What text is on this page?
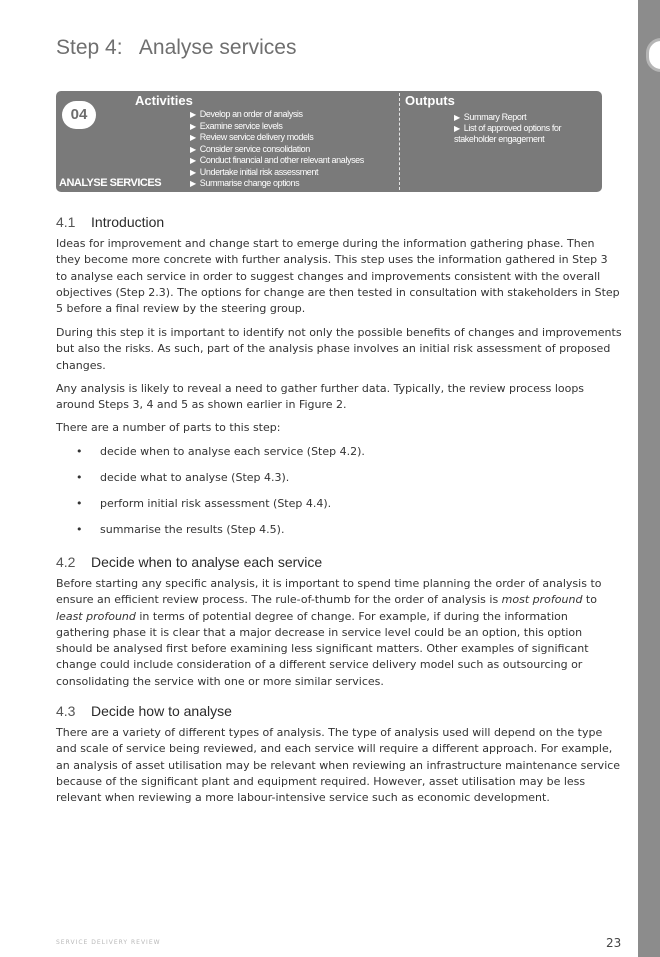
Step 4:   Analyse services
04
ANALYSE SERVICES
Activities	Outputs
▶ Develop an order of analysis
▶ Examine service levels
▶ Review service delivery models
▶ Consider service consolidation
▶ Conduct financial and other relevant analyses
▶ Undertake initial risk assessment
▶ Summarise change options
▶ Summary Report
▶ List of approved options for stakeholder engagement
4.1 Introduction

Ideas for improvement and change start to emerge during the information gathering phase. Then they become more concrete with further analysis. This step uses the information gathered in Step 3 to analyse each service in order to suggest changes and improvements consistent with the overall objectives (Step 2.3). The options for change are then tested in consultation with stakeholders in Step 5 before a final review by the steering group.

During this step it is important to identify not only the possible benefits of changes and improvements but also the risks. As such, part of the analysis phase involves an initial risk assessment of proposed changes.

Any analysis is likely to reveal a need to gather further data. Typically, the review process loops around Steps 3, 4 and 5 as shown earlier in Figure 2.

There are a number of parts to this step:

• decide when to analyse each service (Step 4.2).
• decide what to analyse (Step 4.3).
• perform initial risk assessment (Step 4.4).
• summarise the results (Step 4.5).
4.2 Decide when to analyse each service

Before starting any specific analysis, it is important to spend time planning the order of analysis to ensure an efficient review process. The rule-of-thumb for the order of analysis is most profound to least profound in terms of potential degree of change. For example, if during the information gathering phase it is clear that a major decrease in service level could be an option, this option should be analysed first before examining less significant matters. Other examples of significant change could include consideration of a different service delivery model such as outsourcing or consolidating the service with one or more similar services.

4.3 Decide how to analyse

There are a variety of different types of analysis. The type of analysis used will depend on the type and scale of service being reviewed, and each service will require a different approach. For example, an analysis of asset utilisation may be relevant when reviewing an infrastructure maintenance service because of the significant plant and equipment required. However, asset utilisation may be less relevant when reviewing a more labour-intensive service such as economic development.

SERVICE DELIVERY REVIEW	23
